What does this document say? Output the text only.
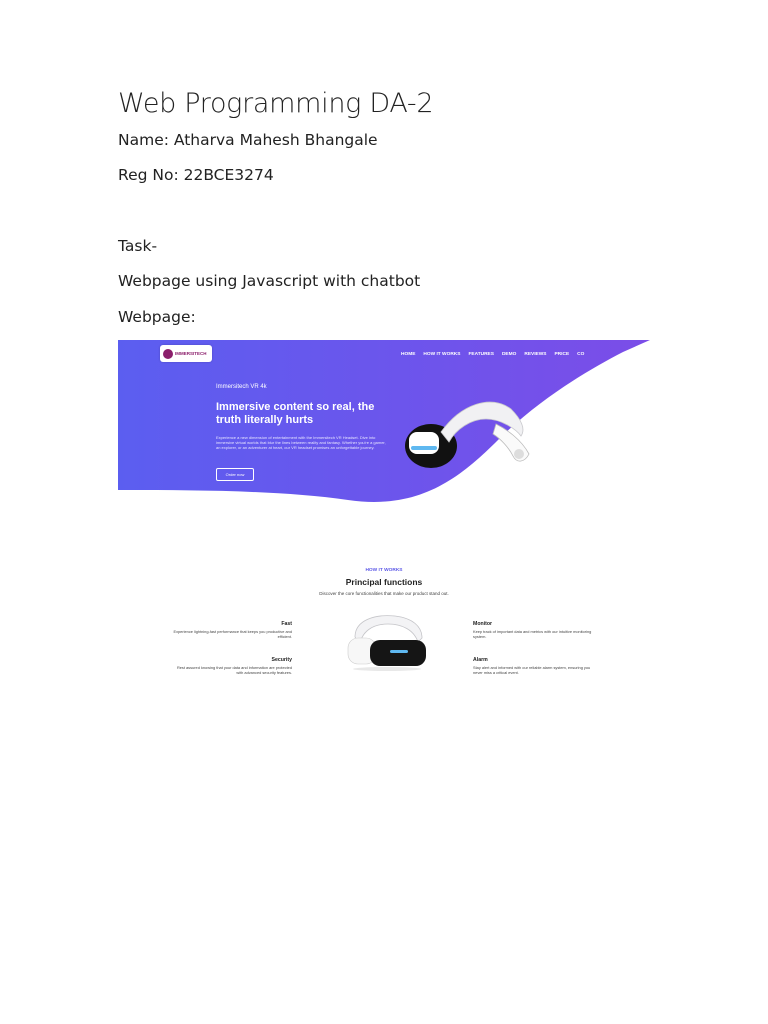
Web Programming DA-2
Name: Atharva Mahesh Bhangale
Reg No: 22BCE3274
Task-
Webpage using Javascript with chatbot
Webpage:
IMMERSITECH	HOME HOW IT WORKS FEATURES DEMO REVIEWS PRICE CO
Immersitech VR 4k
Immersive content so real, the truth literally hurts
Experience a new dimension of entertainment with the Immersitech VR Headset. Dive into immersive virtual worlds that blur the lines between reality and fantasy. Whether you're a gamer, an explorer, or an adventurer at heart, our VR headset promises an unforgettable journey.
Order now
HOW IT WORKS
Principal functions
Discover the core functionalities that make our product stand out.
Fast
Experience lightning-fast performance that keeps you productive and efficient.
Security
Rest assured knowing that your data and information are protected with advanced security features.
Monitor
Keep track of important data and metrics with our intuitive monitoring system.
Alarm
Stay alert and informed with our reliable alarm system, ensuring you never miss a critical event.
